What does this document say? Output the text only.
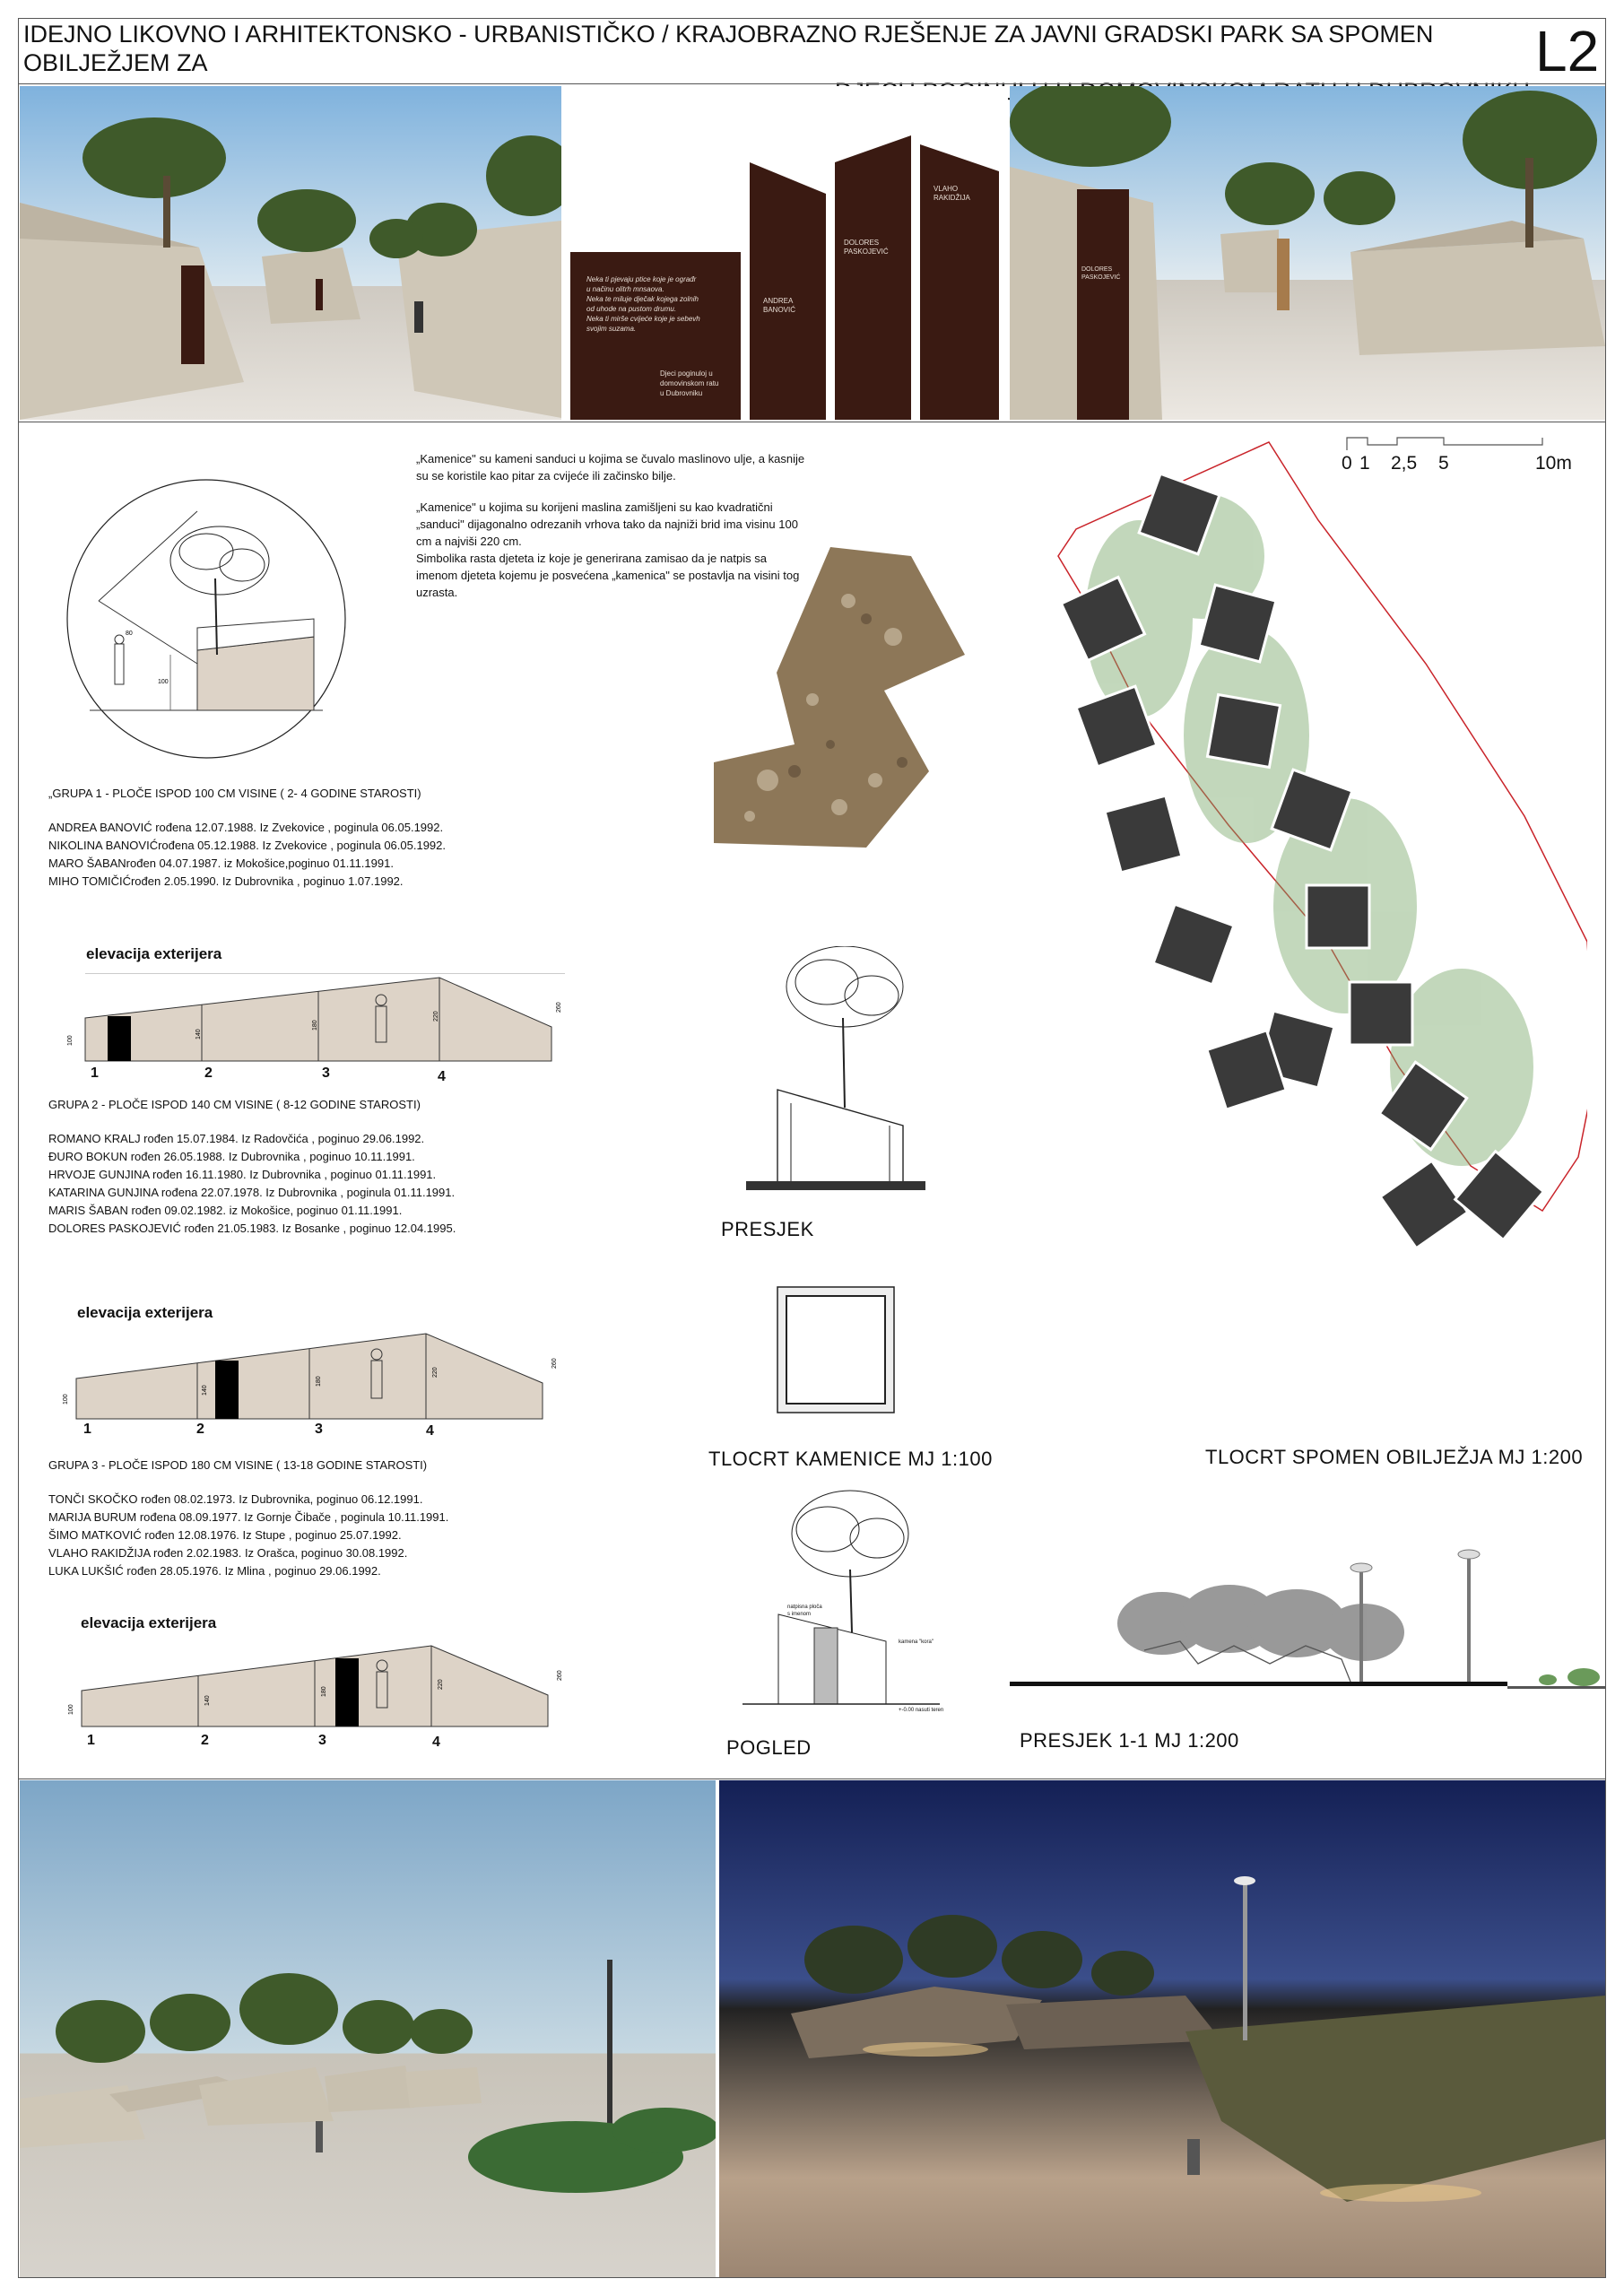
IDEJNO LIKOVNO I ARHITEKTONSKO - URBANISTIČKO / KRAJOBRAZNO RJEŠENJE ZA JAVNI GRADSKI PARK SA SPOMEN OBILJEŽJEM ZA	L2
Neka ti pjevaju ptice koje je ograđr
u načinu olitrh mnsaova.
Neka te miluje dječak kojega zolnih
od uhode na pustom drumu.
Neka ti mirše cvijeće koje je sebevh
svojim suzama.
Djeci poginuloj u
domovinskom ratu
u Dubrovniku
ANDREA
BANOVIĆ
DOLORES
PASKOJEVIĆ
VLAHO
RAKIDŽIJA
DOLORES
PASKOJEVIĆ
„Kamenice" su kameni sanduci u kojima se čuvalo maslinovo ulje, a kasnije su se koristile kao pitar za cvijeće ili začinsko bilje.
„Kamenice" u kojima su korijeni maslina zamišljeni su kao kvadratični „sanduci" dijagonalno odrezanih vrhova tako da najniži brid ima visinu 100 cm a najviši 220 cm.
Simbolika rasta djeteta iz koje je generirana zamisao da je natpis sa imenom djeteta kojemu je posvećena „kamenica" se postavlja na visini tog uzrasta.
100
80
0 1 2,5 5	10m
„GRUPA 1 - PLOČE ISPOD 100 CM VISINE ( 2- 4 GODINE STAROSTI)
ANDREA BANOVIĆ rođena 12.07.1988. Iz Zvekovice , poginula 06.05.1992.
NIKOLINA BANOVIĆrođena 05.12.1988. Iz Zvekovice , poginula 06.05.1992.
MARO ŠABANrođen 04.07.1987. iz Mokošice,poginuo 01.11.1991.
MIHO TOMIČIĆrođen 2.05.1990. Iz Dubrovnika , poginuo 1.07.1992.
elevacija exterijera
100
140
180
220
260
1	2	3	4
GRUPA 2 - PLOČE ISPOD 140 CM VISINE ( 8-12 GODINE STAROSTI)
ROMANO KRALJ rođen 15.07.1984. Iz Radovčića , poginuo 29.06.1992.
ĐURO BOKUN rođen 26.05.1988. Iz Dubrovnika , poginuo 10.11.1991.
HRVOJE GUNJINA rođen 16.11.1980. Iz Dubrovnika , poginuo 01.11.1991.
KATARINA GUNJINA rođena 22.07.1978. Iz Dubrovnika , poginula 01.11.1991.
MARIS ŠABAN rođen 09.02.1982. iz Mokošice, poginuo 01.11.1991.
DOLORES PASKOJEVIĆ rođen 21.05.1983. Iz Bosanke , poginuo 12.04.1995.
elevacija exterijera
100
140
180
220
260
1	2	3	4
GRUPA 3 - PLOČE ISPOD 180 CM VISINE ( 13-18 GODINE STAROSTI)
TONČI SKOČKO rođen 08.02.1973. Iz Dubrovnika, poginuo 06.12.1991.
MARIJA BURUM rođena 08.09.1977. Iz Gornje Čibače , poginula 10.11.1991.
ŠIMO MATKOVIĆ rođen 12.08.1976. Iz Stupe , poginuo 25.07.1992.
VLAHO RAKIDŽIJA rođen 2.02.1983. Iz Orašca, poginuo 30.08.1992.
LUKA LUKŠIĆ rođen 28.05.1976. Iz Mlina , poginuo 29.06.1992.
elevacija exterijera
100
140
180
220
260
1	2	3	4
PRESJEK
TLOCRT KAMENICE MJ 1:100
natpisna ploča
s imenom
kamena "kora"
+-0.00 nasuti teren
POGLED
TLOCRT SPOMEN OBILJEŽJA MJ 1:200
PRESJEK 1-1 MJ 1:200
